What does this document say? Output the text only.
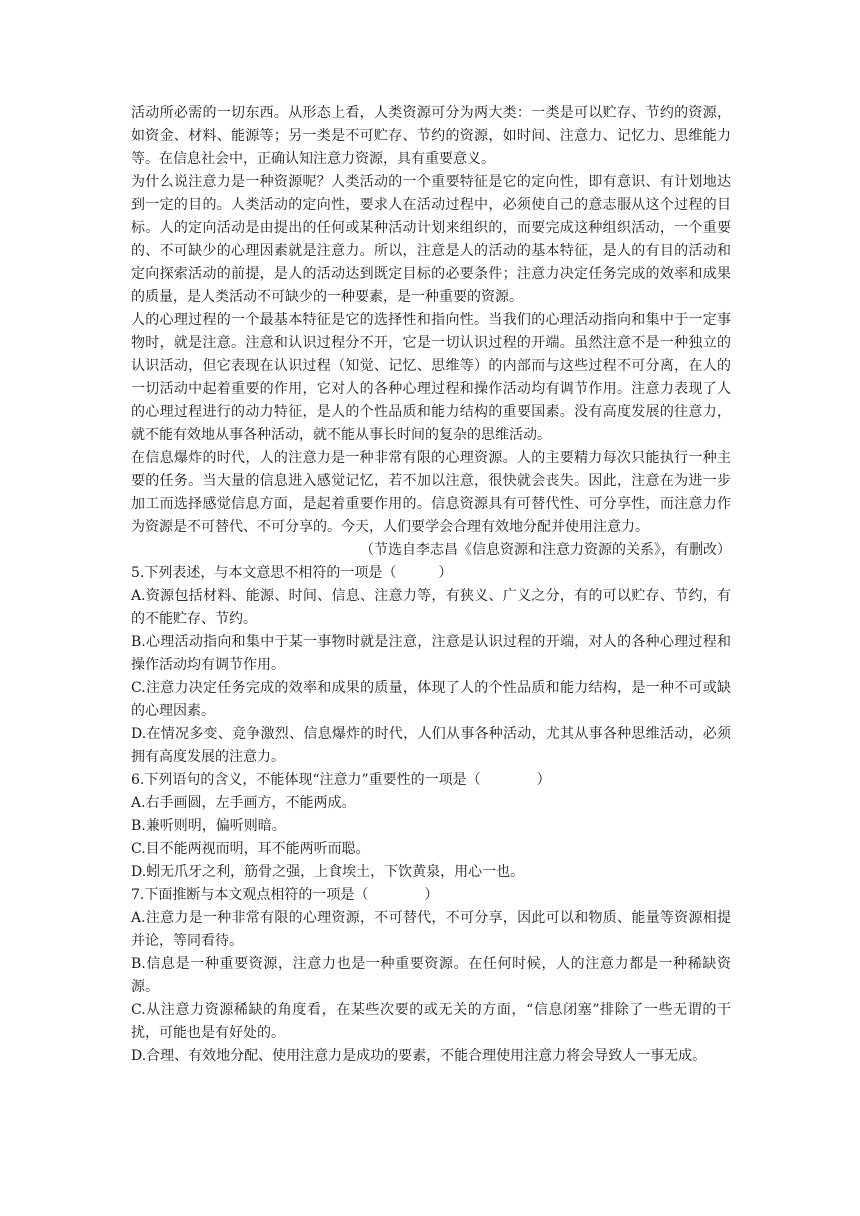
活动所必需的一切东西。从形态上看，人类资源可分为两大类：一类是可以贮存、节约的资源，如资金、材料、能源等；另一类是不可贮存、节约的资源，如时间、注意力、记忆力、思维能力等。在信息社会中，正确认知注意力资源，具有重要意义。

为什么说注意力是一种资源呢？人类活动的一个重要特征是它的定向性，即有意识、有计划地达到一定的目的。人类活动的定向性，要求人在活动过程中，必须使自己的意志服从这个过程的目标。人的定向活动是由提出的任何或某种活动计划来组织的，而要完成这种组织活动，一个重要的、不可缺少的心理因素就是注意力。所以，注意是人的活动的基本特征，是人的有目的活动和定向探索活动的前提，是人的活动达到既定目标的必要条件；注意力决定任务完成的效率和成果的质量，是人类活动不可缺少的一种要素，是一种重要的资源。

人的心理过程的一个最基本特征是它的选择性和指向性。当我们的心理活动指向和集中于一定事物时，就是注意。注意和认识过程分不开，它是一切认识过程的开端。虽然注意不是一种独立的认识活动，但它表现在认识过程（知觉、记忆、思维等）的内部而与这些过程不可分离，在人的一切活动中起着重要的作用，它对人的各种心理过程和操作活动均有调节作用。注意力表现了人的心理过程进行的动力特征，是人的个性品质和能力结构的重要国素。没有高度发展的往意力，就不能有效地从事各种活动，就不能从事长时间的复杂的思维活动。

在信息爆炸的时代，人的注意力是一种非常有限的心理资源。人的主要精力每次只能执行一种主要的任务。当大量的信息进入感觉记忆，若不加以注意，很快就会丧失。因此，注意在为进一步加工而选择感觉信息方面，是起着重要作用的。信息资源具有可替代性、可分享性，而注意力作为资源是不可替代、不可分享的。今天，人们要学会合理有效地分配并使用注意力。

（节选自李志昌《信息资源和注意力资源的关系》，有删改）

5.下列表述，与本文意思不相符的一项是（　　　）

A.资源包括材料、能源、时间、信息、注意力等，有狭义、广义之分，有的可以贮存、节约，有的不能贮存、节约。

B.心理活动指向和集中于某一事物时就是注意，注意是认识过程的开端，对人的各种心理过程和操作活动均有调节作用。

C.注意力决定任务完成的效率和成果的质量，体现了人的个性品质和能力结构，是一种不可或缺的心理因素。

D.在情况多变、竞争激烈、信息爆炸的时代，人们从事各种活动，尤其从事各种思维活动，必须拥有高度发展的注意力。

6.下列语句的含义，不能体现“注意力”重要性的一项是（　　　　）

A.右手画圆，左手画方，不能两成。

B.兼听则明，偏听则暗。

C.目不能两视而明，耳不能两听而聪。

D.蚓无爪牙之利，筋骨之强，上食埃土，下饮黄泉，用心一也。

7.下面推断与本文观点相符的一项是（　　　　）

A.注意力是一种非常有限的心理资源，不可替代，不可分享，因此可以和物质、能量等资源相提并论，等同看待。

B.信息是一种重要资源，注意力也是一种重要资源。在任何时候，人的注意力都是一种稀缺资源。

C.从注意力资源稀缺的角度看，在某些次要的或无关的方面，“信息闭塞”排除了一些无谓的干扰，可能也是有好处的。

D.合理、有效地分配、使用注意力是成功的要素，不能合理使用注意力将会导致人一事无成。
